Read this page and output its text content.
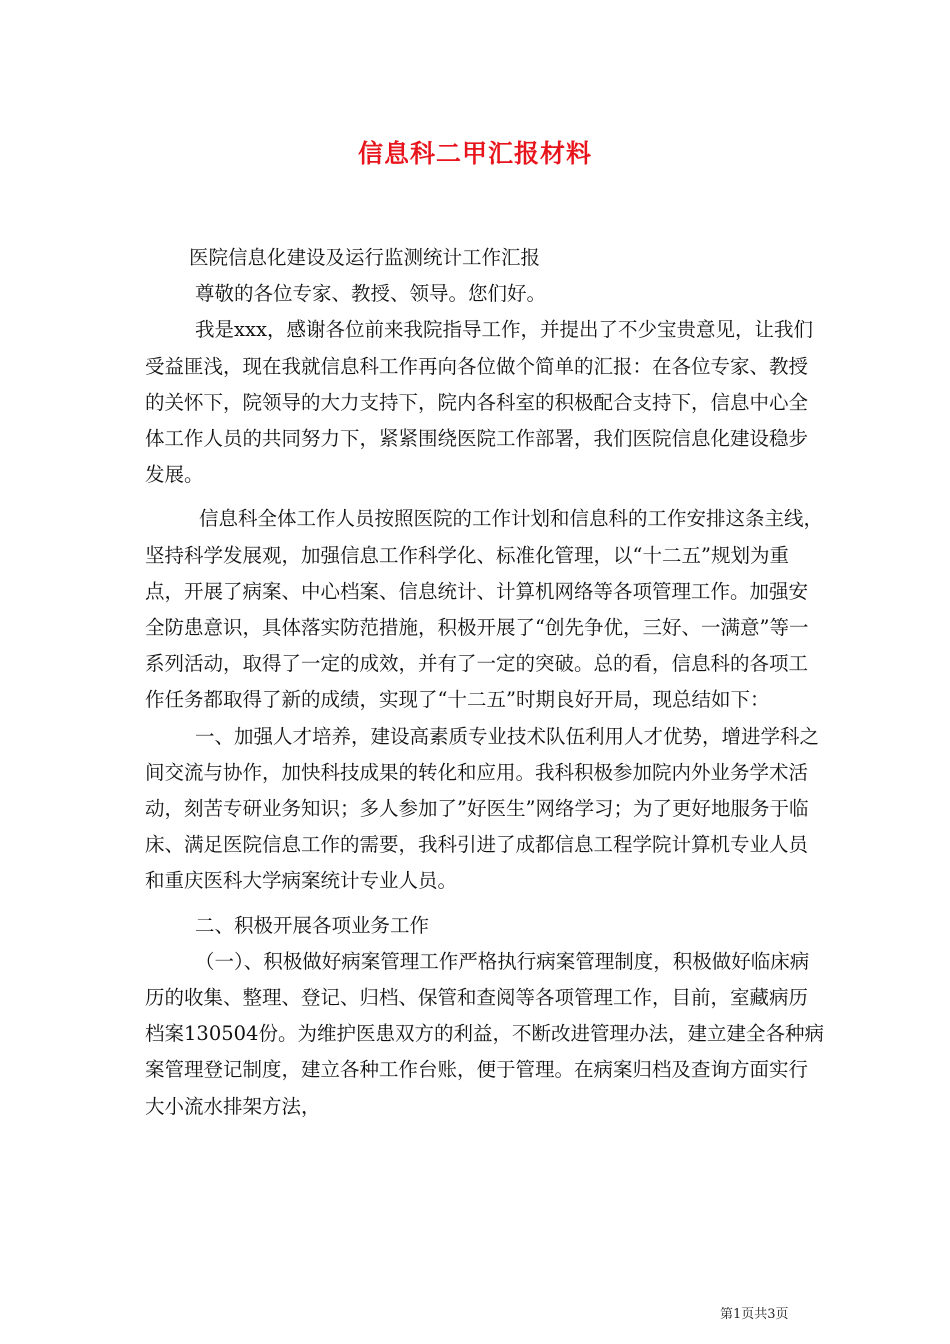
信息科二甲汇报材料

医院信息化建设及运行监测统计工作汇报

尊敬的各位专家、教授、领导。您们好。

我是xxx，感谢各位前来我院指导工作，并提出了不少宝贵意见，让我们受益匪浅，现在我就信息科工作再向各位做个简单的汇报：在各位专家、教授的关怀下，院领导的大力支持下，院内各科室的积极配合支持下，信息中心全体工作人员的共同努力下，紧紧围绕医院工作部署，我们医院信息化建设稳步发展。

信息科全体工作人员按照医院的工作计划和信息科的工作安排这条主线，坚持科学发展观，加强信息工作科学化、标准化管理，以“十二五”规划为重点，开展了病案、中心档案、信息统计、计算机网络等各项管理工作。加强安全防患意识，具体落实防范措施，积极开展了“创先争优，三好、一满意”等一系列活动，取得了一定的成效，并有了一定的突破。总的看，信息科的各项工作任务都取得了新的成绩，实现了“十二五”时期良好开局，现总结如下：

一、加强人才培养，建设高素质专业技术队伍利用人才优势，增进学科之间交流与协作，加快科技成果的转化和应用。我科积极参加院内外业务学术活动，刻苦专研业务知识；多人参加了”好医生”网络学习；为了更好地服务于临床、满足医院信息工作的需要，我科引进了成都信息工程学院计算机专业人员和重庆医科大学病案统计专业人员。

二、积极开展各项业务工作

（一）、积极做好病案管理工作严格执行病案管理制度，积极做好临床病历的收集、整理、登记、归档、保管和查阅等各项管理工作，目前，室藏病历档案130504份。为维护医患双方的利益，不断改进管理办法，建立建全各种病案管理登记制度，建立各种工作台账，便于管理。在病案归档及查询方面实行大小流水排架方法，

第1页共3页
